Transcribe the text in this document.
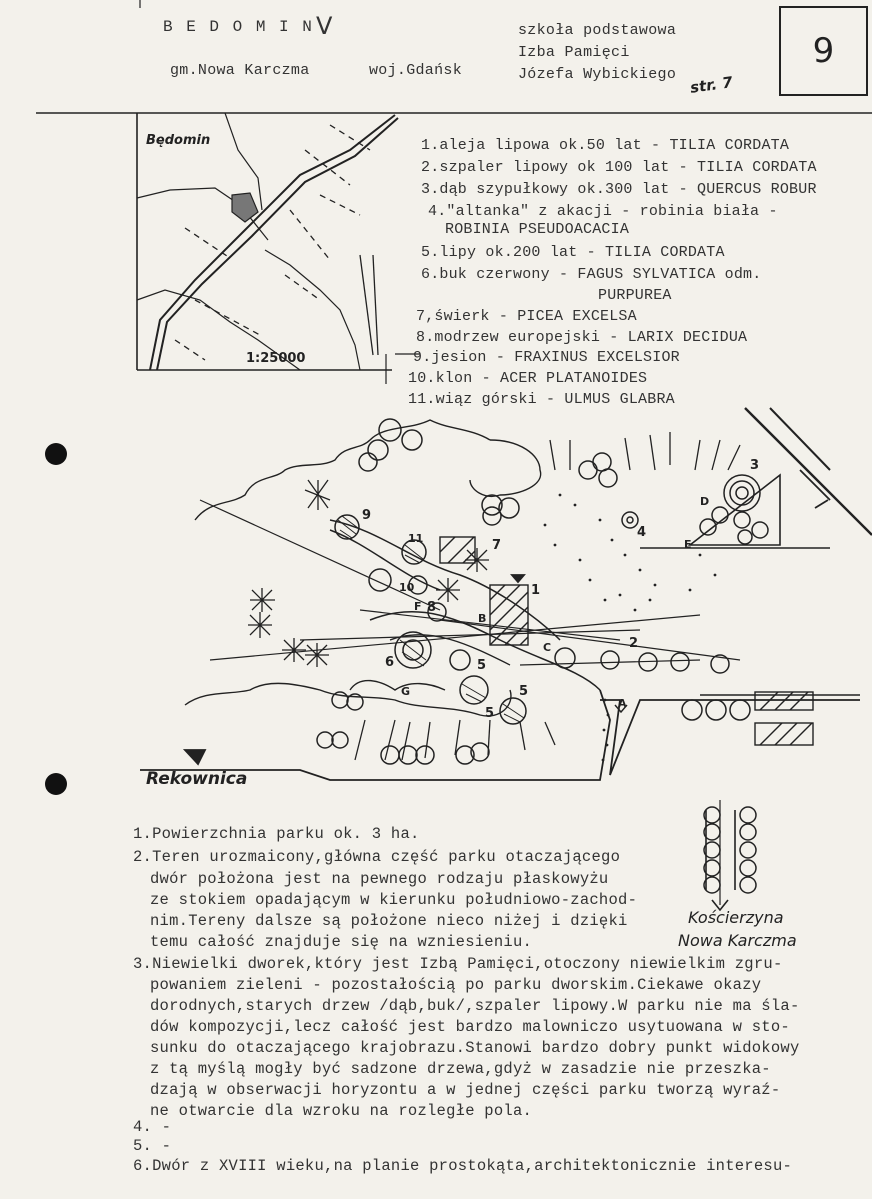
B E D O M I N V
gm.Nowa Karczma	woj.Gdańsk
szkoła podstawowa
Izba Pamięci
Józefa Wybickiego str. 7
9
Będomin
1:25000
1.aleja lipowa ok.50 lat - TILIA CORDATA
2.szpaler lipowy ok 100 lat - TILIA CORDATA
3.dąb szypułkowy ok.300 lat - QUERCUS ROBUR
4."altanka" z akacji - robinia biała -
ROBINIA PSEUDOACACIA
5.lipy ok.200 lat - TILIA CORDATA
6.buk czerwony - FAGUS SYLVATICA odm.
PURPUREA
7,świerk - PICEA EXCELSA
8.modrzew europejski - LARIX DECIDUA
9.jesion - FRAXINUS EXCELSIOR
10.klon - ACER PLATANOIDES
11.wiąz górski - ULMUS GLABRA
Rekownica
Kościerzyna
Nowa Karczma
1
2
3
4
5
5
5
6
7
8
9
10
11
A
B
C
D
E
F
G
1.Powierzchnia parku ok. 3 ha.
2.Teren urozmaicony,główna część parku otaczającego
dwór położona jest na pewnego rodzaju płaskowyżu
ze stokiem opadającym w kierunku południowo-zachod-
nim.Tereny dalsze są położone nieco niżej i dzięki
temu całość znajduje się na wzniesieniu.
3.Niewielki dworek,który jest Izbą Pamięci,otoczony niewielkim zgru-
powaniem zieleni - pozostałością po parku dworskim.Ciekawe okazy
dorodnych,starych drzew /dąb,buk/,szpaler lipowy.W parku nie ma śla-
dów kompozycji,lecz całość jest bardzo malowniczo usytuowana w sto-
sunku do otaczającego krajobrazu.Stanowi bardzo dobry punkt widokowy
z tą myślą mogły być sadzone drzewa,gdyż w zasadzie nie przeszka-
dzają w obserwacji horyzontu a w jednej części parku tworzą wyraź-
ne otwarcie dla wzroku na rozległe pola.
4. -
5. -
6.Dwór z XVIII wieku,na planie prostokąta,architektonicznie interesu-
